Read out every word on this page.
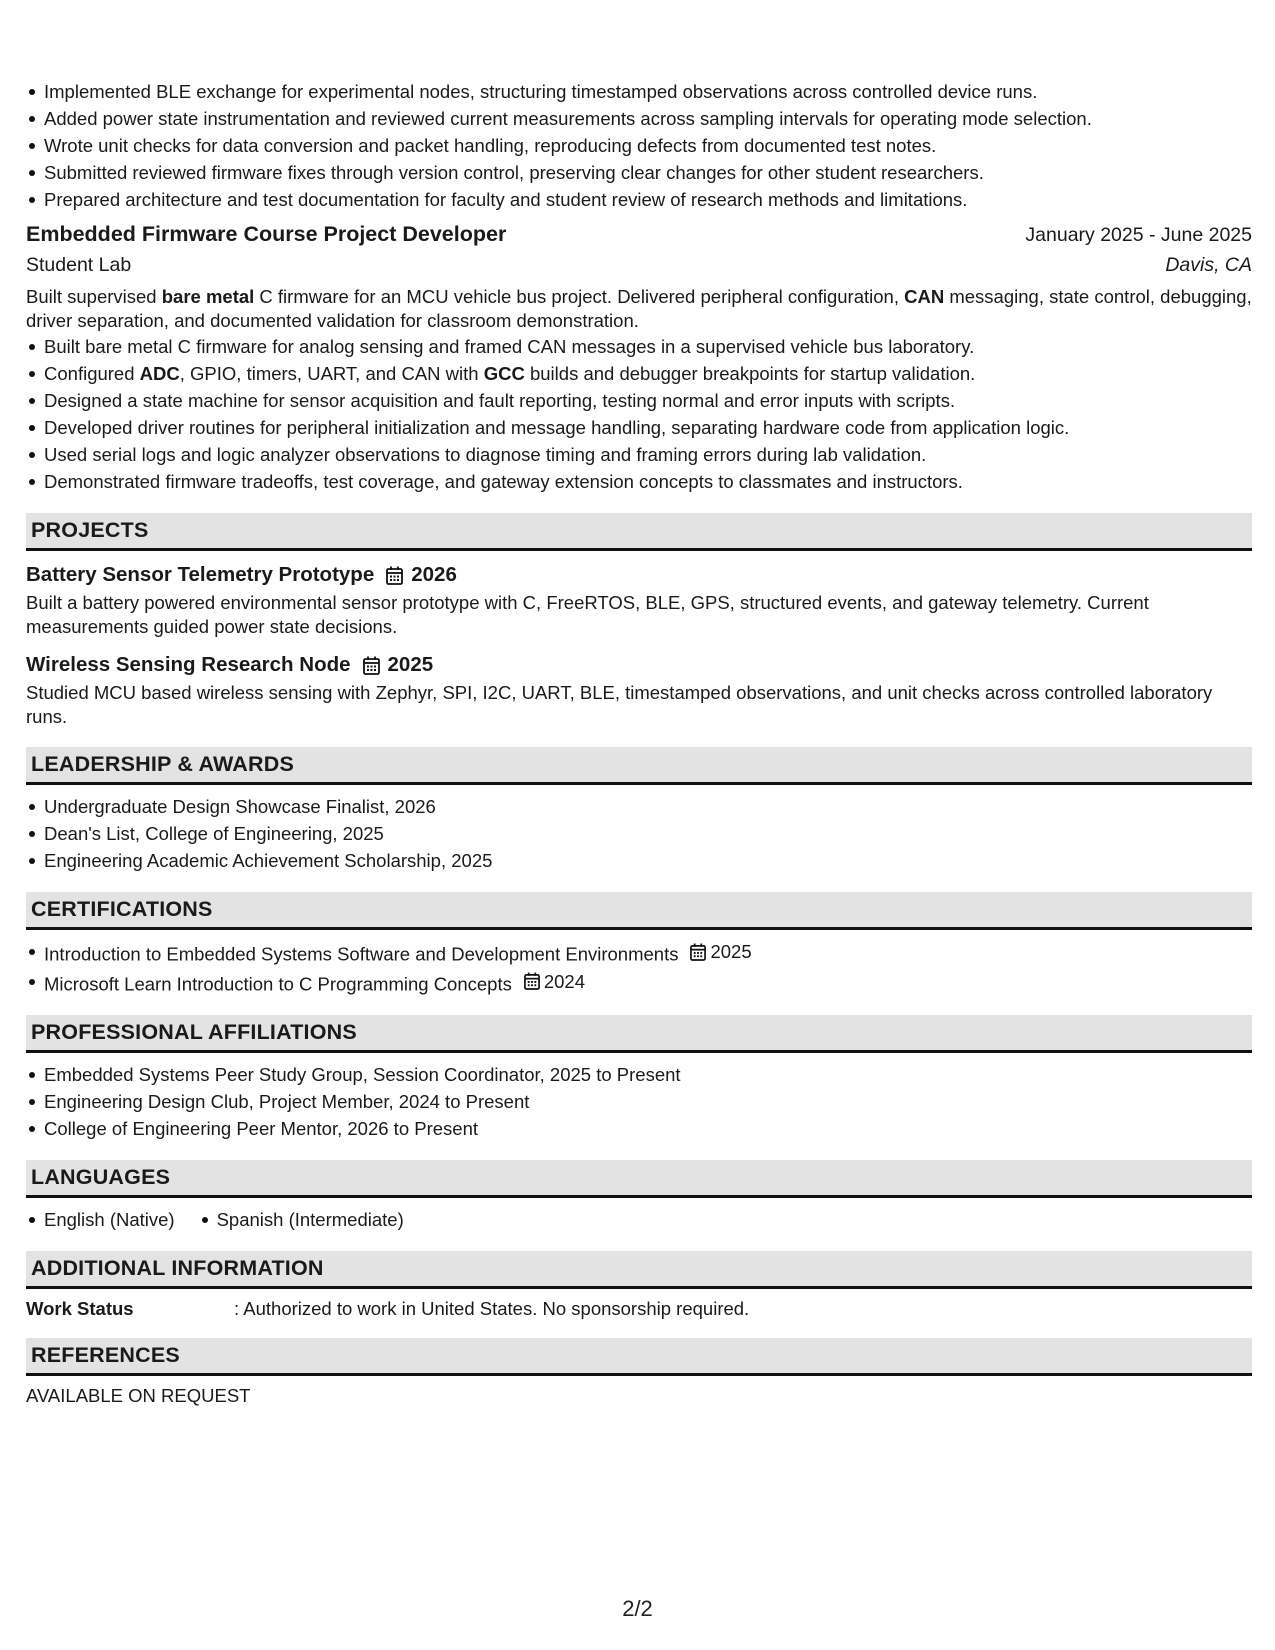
Implemented BLE exchange for experimental nodes, structuring timestamped observations across controlled device runs.
Added power state instrumentation and reviewed current measurements across sampling intervals for operating mode selection.
Wrote unit checks for data conversion and packet handling, reproducing defects from documented test notes.
Submitted reviewed firmware fixes through version control, preserving clear changes for other student researchers.
Prepared architecture and test documentation for faculty and student review of research methods and limitations.
Embedded Firmware Course Project Developer	January 2025 - June 2025
Student Lab	Davis, CA
Built supervised bare metal C firmware for an MCU vehicle bus project. Delivered peripheral configuration, CAN messaging, state control, debugging, driver separation, and documented validation for classroom demonstration.
Built bare metal C firmware for analog sensing and framed CAN messages in a supervised vehicle bus laboratory.
Configured ADC, GPIO, timers, UART, and CAN with GCC builds and debugger breakpoints for startup validation.
Designed a state machine for sensor acquisition and fault reporting, testing normal and error inputs with scripts.
Developed driver routines for peripheral initialization and message handling, separating hardware code from application logic.
Used serial logs and logic analyzer observations to diagnose timing and framing errors during lab validation.
Demonstrated firmware tradeoffs, test coverage, and gateway extension concepts to classmates and instructors.
PROJECTS
Battery Sensor Telemetry Prototype 2026
Built a battery powered environmental sensor prototype with C, FreeRTOS, BLE, GPS, structured events, and gateway telemetry. Current measurements guided power state decisions.
Wireless Sensing Research Node 2025
Studied MCU based wireless sensing with Zephyr, SPI, I2C, UART, BLE, timestamped observations, and unit checks across controlled laboratory runs.
LEADERSHIP & AWARDS
Undergraduate Design Showcase Finalist, 2026
Dean's List, College of Engineering, 2025
Engineering Academic Achievement Scholarship, 2025
CERTIFICATIONS
Introduction to Embedded Systems Software and Development Environments 2025
Microsoft Learn Introduction to C Programming Concepts 2024
PROFESSIONAL AFFILIATIONS
Embedded Systems Peer Study Group, Session Coordinator, 2025 to Present
Engineering Design Club, Project Member, 2024 to Present
College of Engineering Peer Mentor, 2026 to Present
LANGUAGES
English (Native)	Spanish (Intermediate)
ADDITIONAL INFORMATION
Work Status	: Authorized to work in United States. No sponsorship required.
REFERENCES
AVAILABLE ON REQUEST
2/2
